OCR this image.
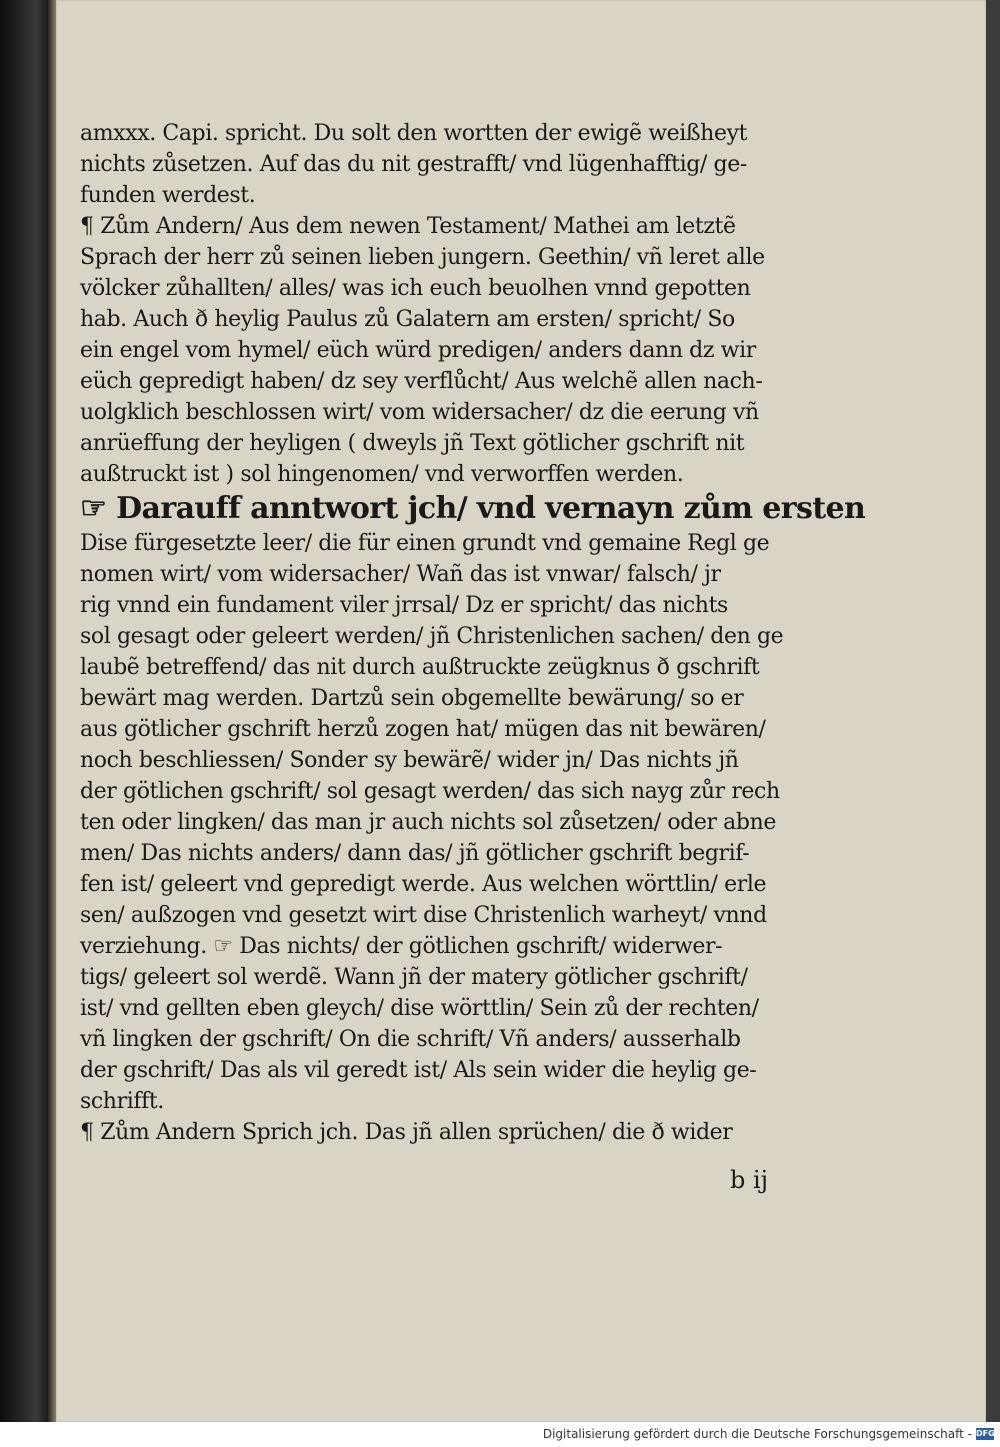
amxxx. Capi. spricht. Du solt den wortten der ewigẽ weißheyt
nichts zůsetzen. Auf das du nit gestrafft/ vnd lügenhafftig/ ge-
funden werdest.
¶ Zům Andern/ Aus dem newen Testament/ Mathei am letztẽ
Sprach der herr zů seinen lieben jungern. Geethin/ vñ leret alle
völcker zůhallten/ alles/ was ich euch beuolhen vnnd gepotten
hab. Auch ð heylig Paulus zů Galatern am ersten/ spricht/ So
ein engel vom hymel/ eüch würd predigen/ anders dann dz wir
eüch gepredigt haben/ dz sey verflůcht/ Aus welchẽ allen nach-
uolgklich beschlossen wirt/ vom widersacher/ dz die eerung vñ
anrüeffung der heyligen ( dweyls jñ Text götlicher gschrift nit
außtruckt ist ) sol hingenomen/ vnd verworffen werden.
☞ Darauff anntwort jch/ vnd vernayn zům ersten
Dise fürgesetzte leer/ die für einen grundt vnd gemaine Regl ge
nomen wirt/ vom widersacher/ Wañ das ist vnwar/ falsch/ jr
rig vnnd ein fundament viler jrrsal/ Dz er spricht/ das nichts
sol gesagt oder geleert werden/ jñ Christenlichen sachen/ den ge
laubẽ betreffend/ das nit durch außtruckte zeügknus ð gschrift
bewärt mag werden. Dartzů sein obgemellte bewärung/ so er
aus götlicher gschrift herzů zogen hat/ mügen das nit bewären/
noch beschliessen/ Sonder sy bewärẽ/ wider jn/ Das nichts jñ
der götlichen gschrift/ sol gesagt werden/ das sich nayg zůr rech
ten oder lingken/ das man jr auch nichts sol zůsetzen/ oder abne
men/ Das nichts anders/ dann das/ jñ götlicher gschrift begrif-
fen ist/ geleert vnd gepredigt werde. Aus welchen wörttlin/ erle
sen/ außzogen vnd gesetzt wirt dise Christenlich warheyt/ vnnd
verziehung. ☞ Das nichts/ der götlichen gschrift/ widerwer-
tigs/ geleert sol werdẽ. Wann jñ der matery götlicher gschrift/
ist/ vnd gellten eben gleych/ dise wörttlin/ Sein zů der rechten/
vñ lingken der gschrift/ On die schrift/ Vñ anders/ ausserhalb
der gschrift/ Das als vil geredt ist/ Als sein wider die heylig ge-
schrifft.
¶ Zům Andern Sprich jch. Das jñ allen sprüchen/ die ð wider
b ij
Digitalisierung gefördert durch die Deutsche Forschungsgemeinschaft - DFG
